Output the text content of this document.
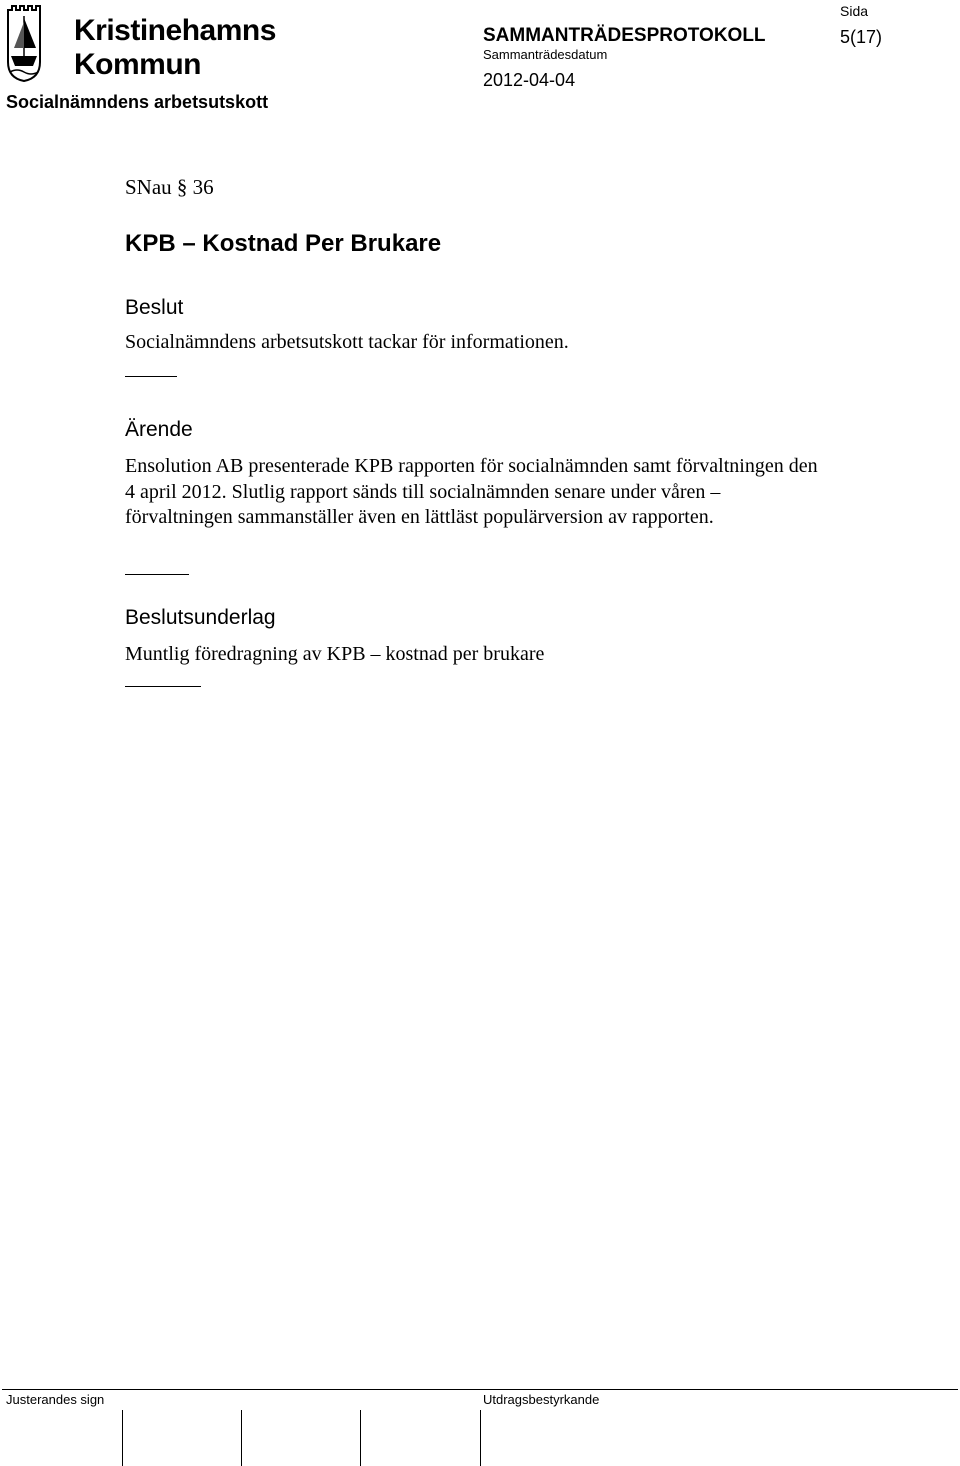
Kristinehamns
Kommun
Socialnämndens arbetsutskott
SAMMANTRÄDESPROTOKOLL
Sammanträdesdatum
2012-04-04
Sida
5(17)
SNau § 36
KPB – Kostnad Per Brukare
Beslut
Socialnämndens arbetsutskott tackar för informationen.
Ärende
Ensolution AB presenterade KPB rapporten för socialnämnden samt förvaltningen den 4 april 2012. Slutlig rapport sänds till socialnämnden senare under våren – förvaltningen sammanställer även en lättläst populärversion av rapporten.
Beslutsunderlag
Muntlig föredragning av KPB – kostnad per brukare
Justerandes sign	Utdragsbestyrkande
